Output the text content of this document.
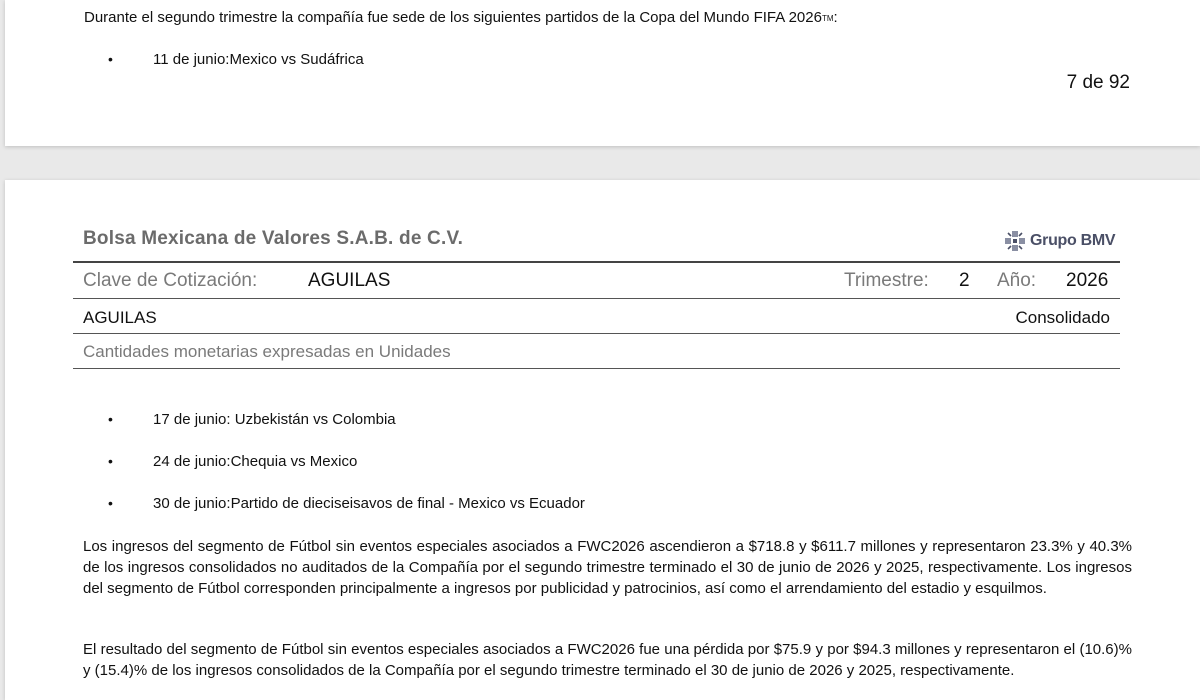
Durante el segundo trimestre la compañía fue sede de los siguientes partidos de la Copa del Mundo FIFA 2026TM:
•	11 de junio:Mexico vs Sudáfrica
7 de 92
Bolsa Mexicana de Valores S.A.B. de C.V.	Grupo BMV
Clave de Cotización:	AGUILAS	Trimestre: 2 Año: 2026
AGUILAS	Consolidado
Cantidades monetarias expresadas en Unidades
•	17 de junio: Uzbekistán vs Colombia
•	24 de junio:Chequia vs Mexico
•	30 de junio:Partido de dieciseisavos de final - Mexico vs Ecuador
Los ingresos del segmento de Fútbol sin eventos especiales asociados a FWC2026 ascendieron a $718.8 y $611.7 millones y representaron 23.3% y 40.3% de los ingresos consolidados no auditados de la Compañía por el segundo trimestre terminado el 30 de junio de 2026 y 2025, respectivamente. Los ingresos del segmento de Fútbol corresponden principalmente a ingresos por publicidad y patrocinios, así como el arrendamiento del estadio y esquilmos.
El resultado del segmento de Fútbol sin eventos especiales asociados a FWC2026 fue una pérdida por $75.9 y por $94.3 millones y representaron el (10.6)% y (15.4)% de los ingresos consolidados de la Compañía por el segundo trimestre terminado el 30 de junio de 2026 y 2025, respectivamente.
